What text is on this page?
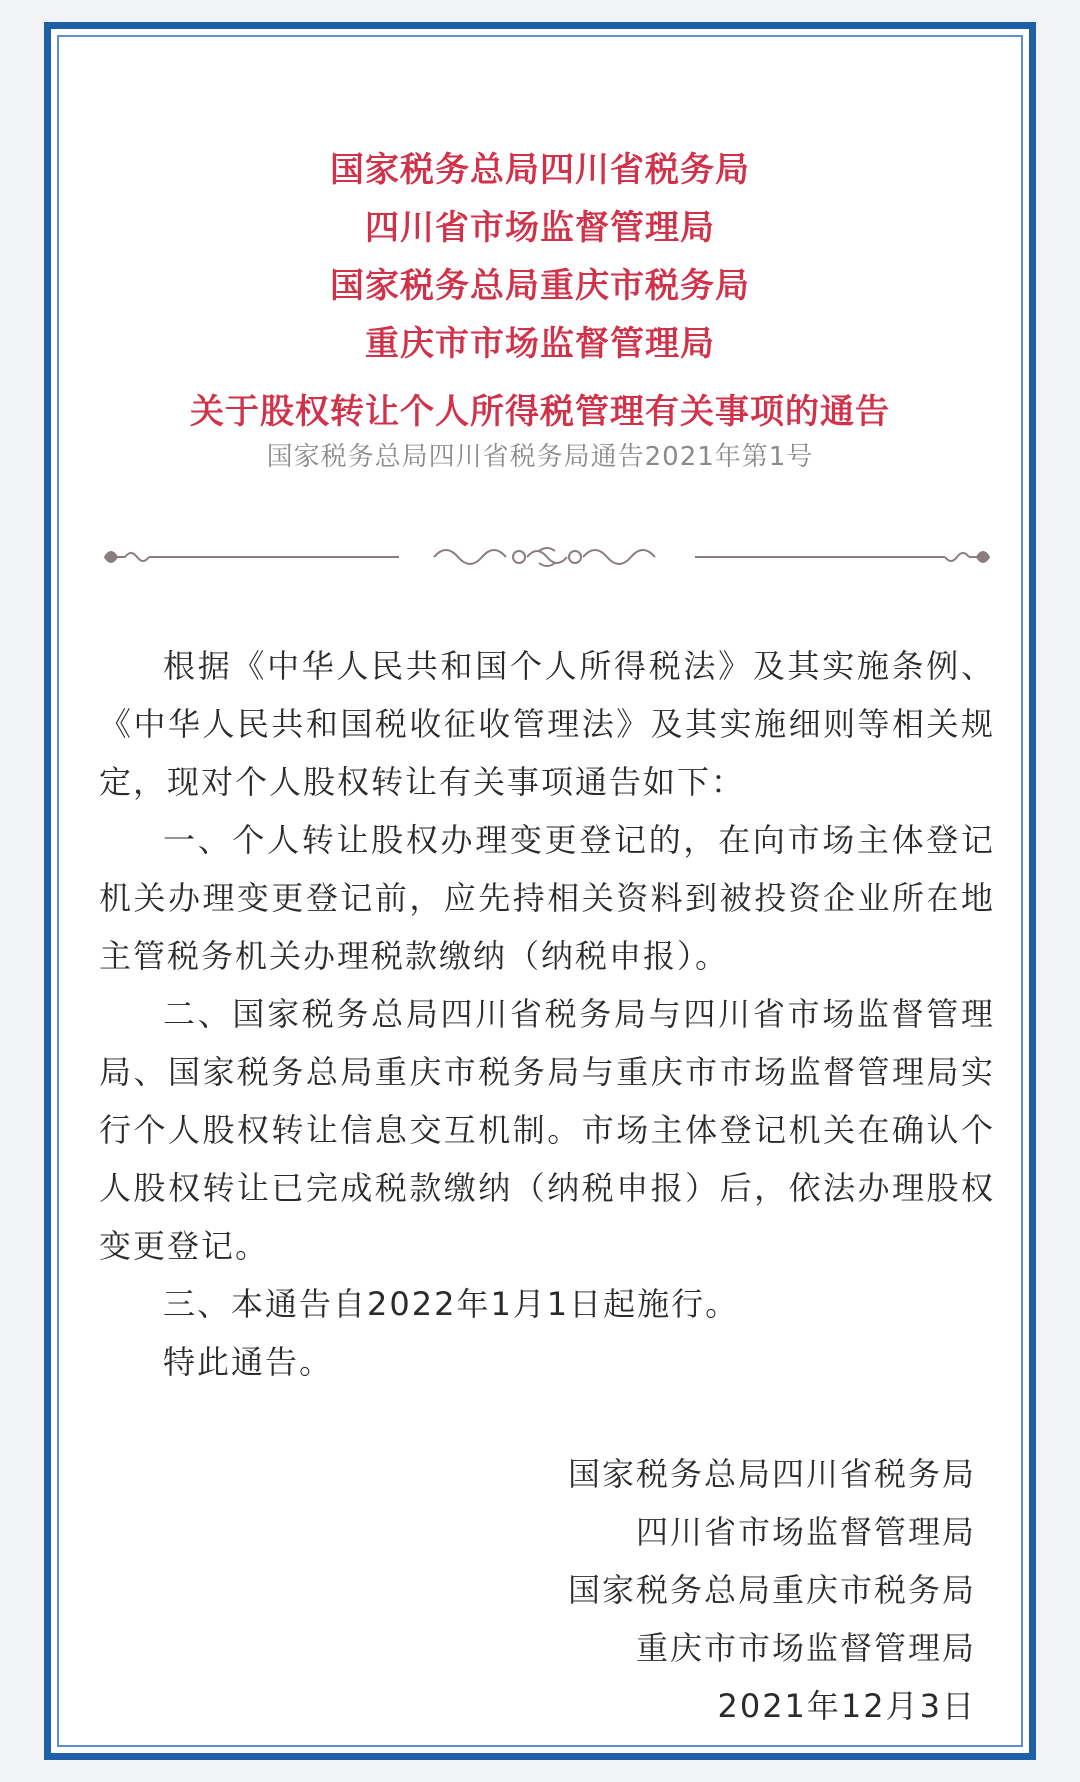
国家税务总局四川省税务局
四川省市场监督管理局
国家税务总局重庆市税务局
重庆市市场监督管理局
关于股权转让个人所得税管理有关事项的通告
国家税务总局四川省税务局通告2021年第1号

根据《中华人民共和国个人所得税法》及其实施条例、《中华人民共和国税收征收管理法》及其实施细则等相关规定，现对个人股权转让有关事项通告如下：

一、个人转让股权办理变更登记的，在向市场主体登记机关办理变更登记前，应先持相关资料到被投资企业所在地主管税务机关办理税款缴纳（纳税申报）。

二、国家税务总局四川省税务局与四川省市场监督管理局、国家税务总局重庆市税务局与重庆市市场监督管理局实行个人股权转让信息交互机制。市场主体登记机关在确认个人股权转让已完成税款缴纳（纳税申报）后，依法办理股权变更登记。

三、本通告自2022年1月1日起施行。

特此通告。

国家税务总局四川省税务局
四川省市场监督管理局
国家税务总局重庆市税务局
重庆市市场监督管理局
2021年12月3日
